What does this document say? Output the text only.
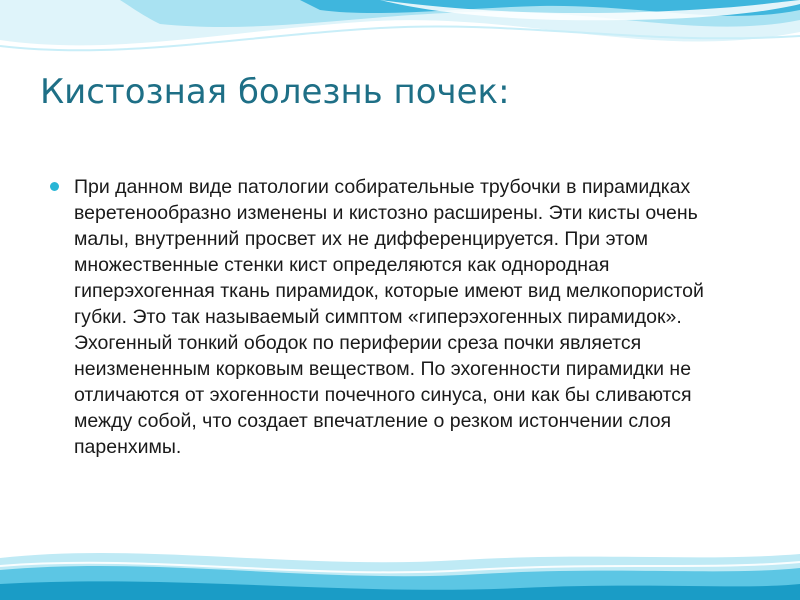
Кистозная болезнь почек:
При данном виде патологии собирательные трубочки в пирамидках веретенообразно изменены и кистозно расширены. Эти кисты очень малы, внутренний просвет их не дифференцируется. При этом множественные стенки кист определяются как однородная гиперэхогенная ткань пирамидок, которые имеют вид мелкопористой губки. Это так называемый симптом «гиперэхогенных пирамидок». Эхогенный тонкий ободок по периферии среза почки является неизмененным корковым веществом. По эхогенности пирамидки не отличаются от эхогенности почечного синуса, они как бы сливаются между собой, что создает впечатление о резком истончении слоя паренхимы.
